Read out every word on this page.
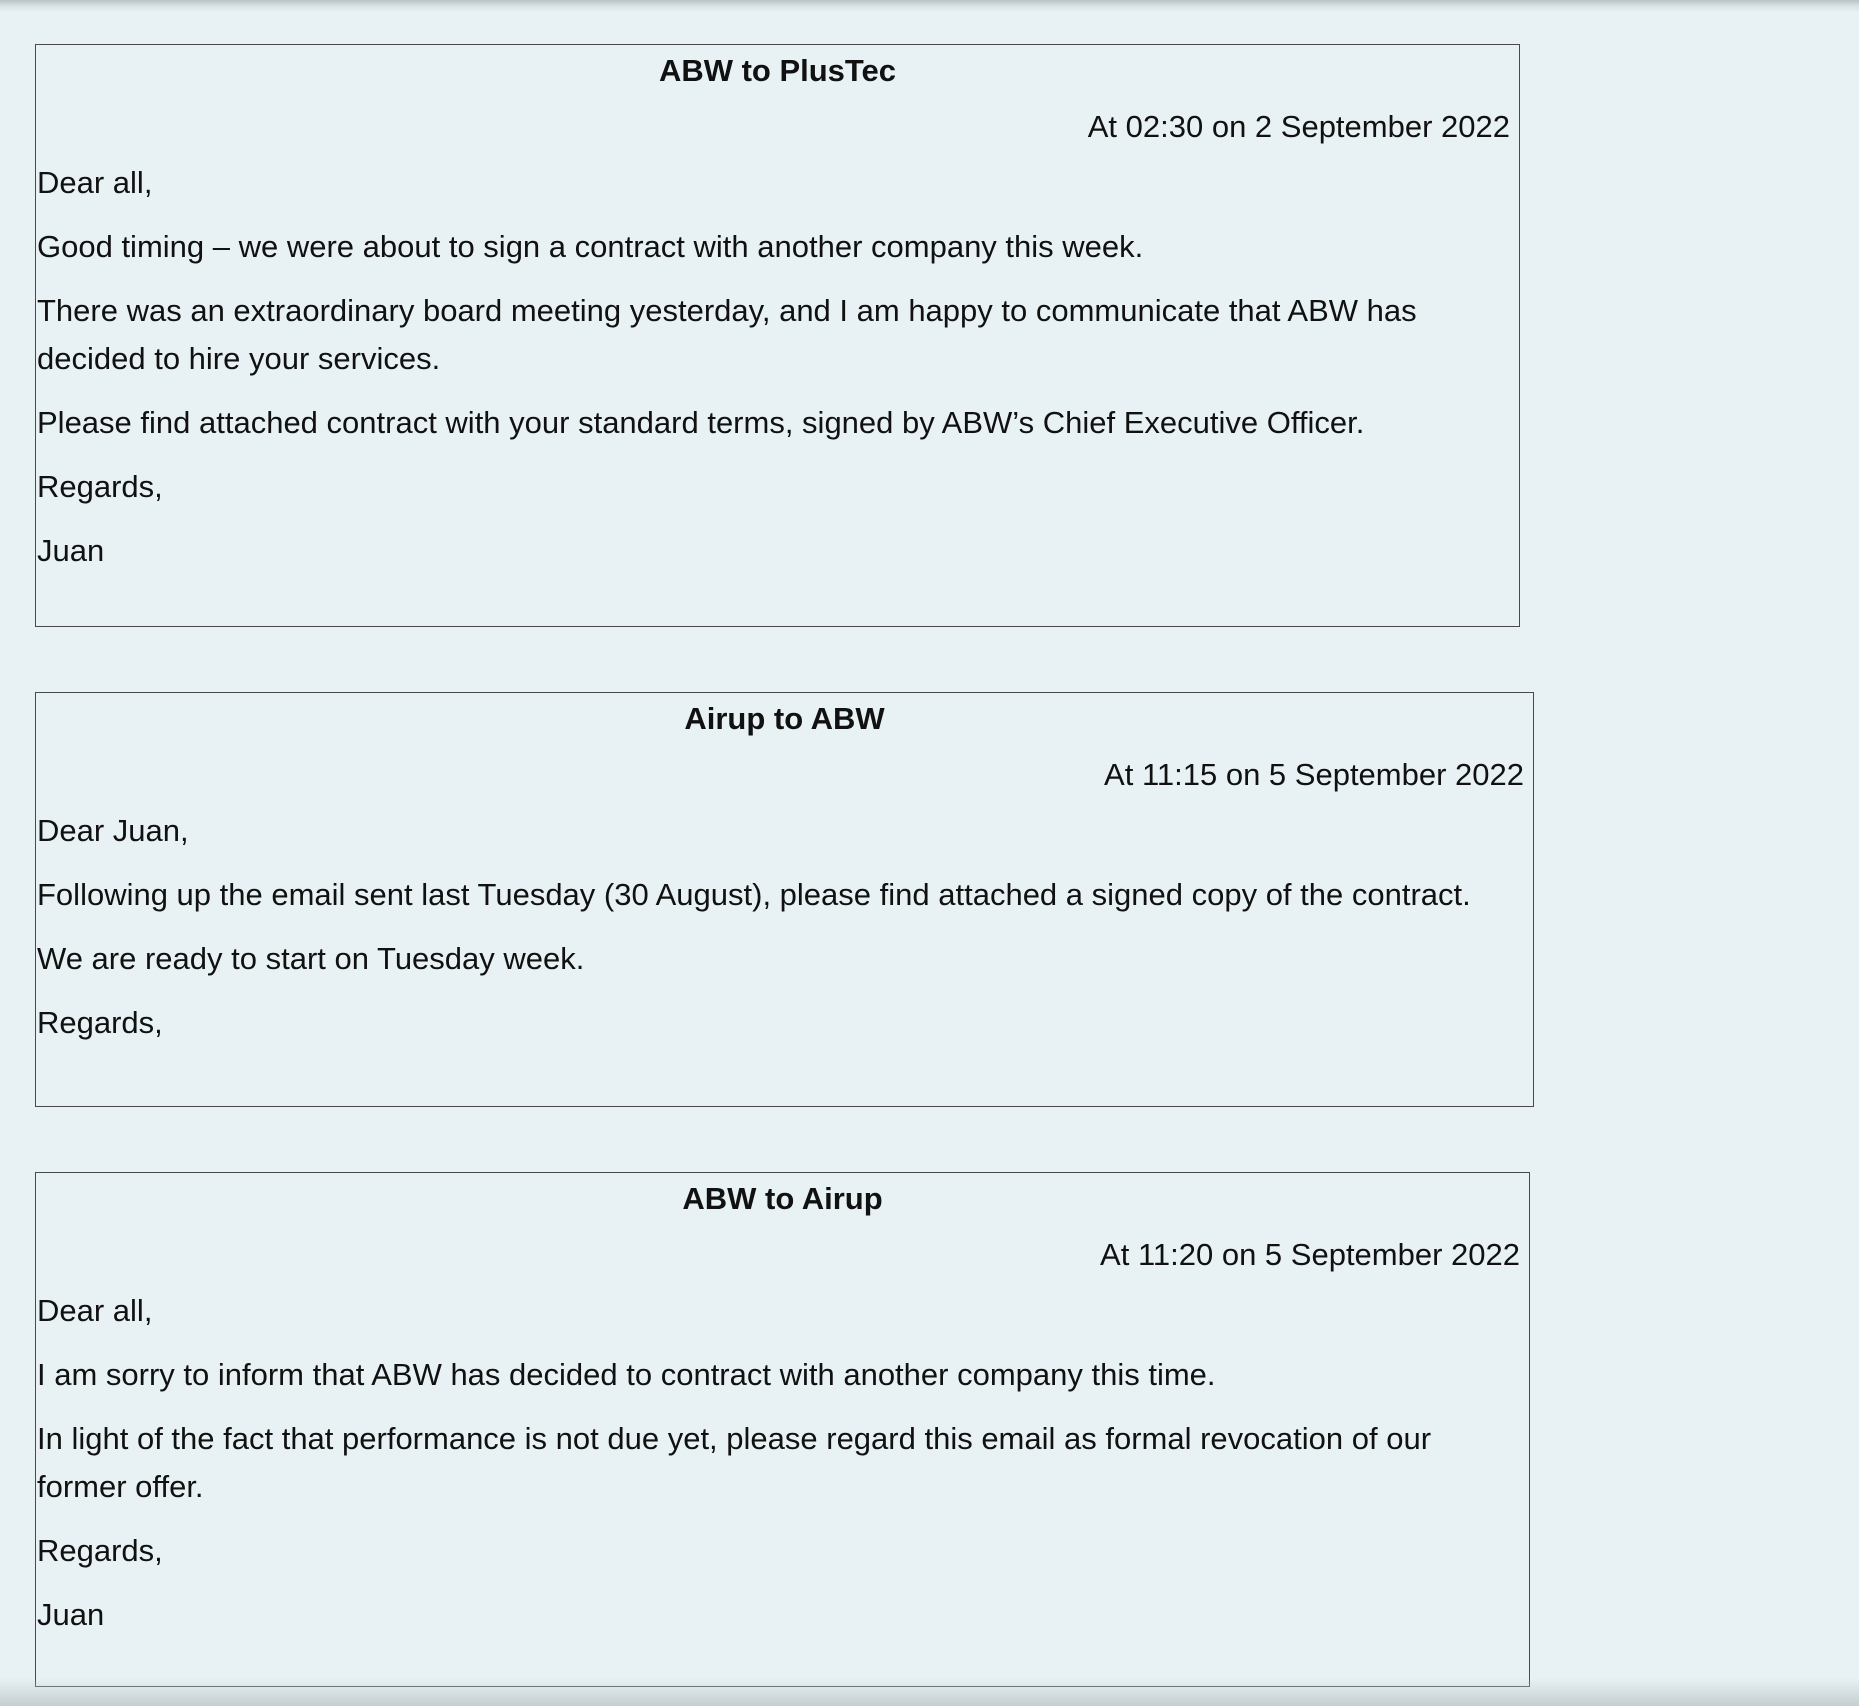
ABW to PlusTec
At 02:30 on 2 September 2022

Dear all,

Good timing – we were about to sign a contract with another company this week.

There was an extraordinary board meeting yesterday, and I am happy to communicate that ABW has decided to hire your services.

Please find attached contract with your standard terms, signed by ABW’s Chief Executive Officer.

Regards,

Juan

Airup to ABW
At 11:15 on 5 September 2022

Dear Juan,

Following up the email sent last Tuesday (30 August), please find attached a signed copy of the contract.

We are ready to start on Tuesday week.

Regards,

ABW to Airup
At 11:20 on 5 September 2022

Dear all,

I am sorry to inform that ABW has decided to contract with another company this time.

In light of the fact that performance is not due yet, please regard this email as formal revocation of our former offer.

Regards,

Juan
